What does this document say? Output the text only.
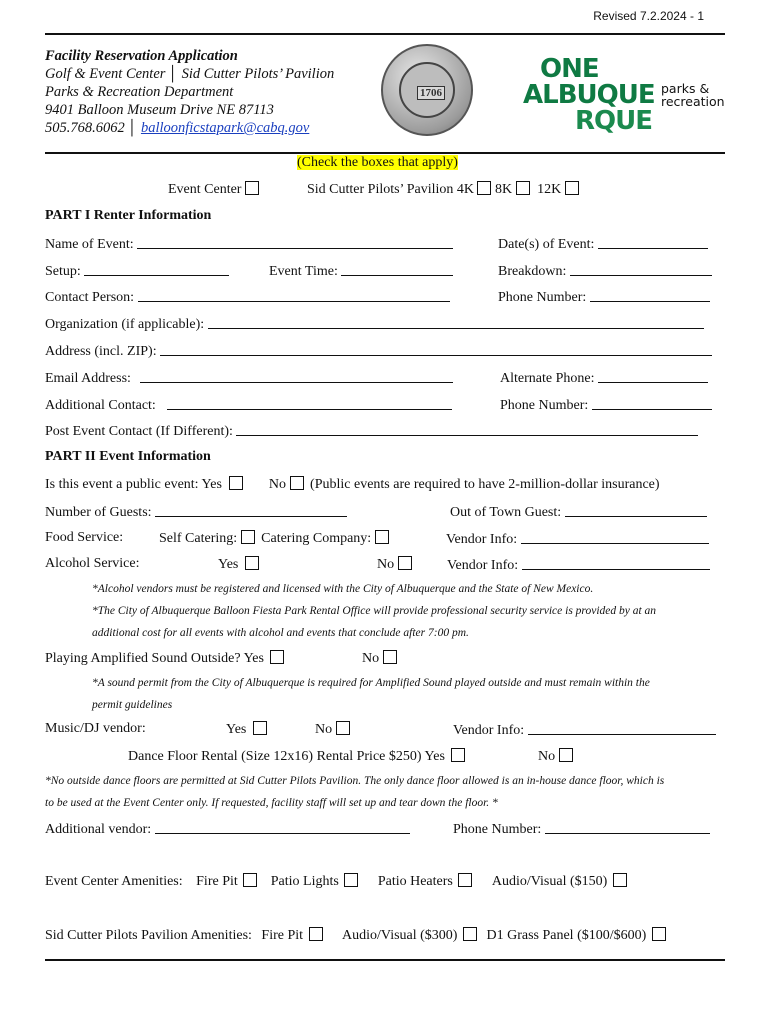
Revised 7.2.2024 - 1
Facility Reservation Application
Golf & Event Center │ Sid Cutter Pilots’ Pavilion
Parks & Recreation Department
9401 Balloon Museum Drive NE 87113
505.768.6062 │ balloonficstapark@cabq.gov
1706
ONE
ALBUQUE
RQUE
parks &
recreation
(Check the boxes that apply)
Event Center	Sid Cutter Pilots’ Pavilion 4K 8K 12K
PART I Renter Information
Name of Event:	Date(s) of Event:
Setup:	Event Time:	Breakdown:
Contact Person:	Phone Number:
Organization (if applicable):
Address (incl. ZIP):
Email Address:	Alternate Phone:
Additional Contact:	Phone Number:
Post Event Contact (If Different):
PART II Event Information
Is this event a public event: Yes	No (Public events are required to have 2-million-dollar insurance)
Number of Guests:	Out of Town Guest:
Food Service:	Self Catering: Catering Company:	Vendor Info:
Alcohol Service:	Yes	No	Vendor Info:
*Alcohol vendors must be registered and licensed with the City of Albuquerque and the State of New Mexico.
*The City of Albuquerque Balloon Fiesta Park Rental Office will provide professional security service is provided by at an
additional cost for all events with alcohol and events that conclude after 7:00 pm.
Playing Amplified Sound Outside? Yes	No
*A sound permit from the City of Albuquerque is required for Amplified Sound played outside and must remain within the
permit guidelines
Music/DJ vendor:	Yes	No	Vendor Info:
Dance Floor Rental (Size 12x16) Rental Price $250) Yes	No
*No outside dance floors are permitted at Sid Cutter Pilots Pavilion. The only dance floor allowed is an in-house dance floor, which is
to be used at the Event Center only. If requested, facility staff will set up and tear down the floor. *
Additional vendor:	Phone Number:
Event Center Amenities: Fire Pit Patio Lights	Patio Heaters	Audio/Visual ($150)
Sid Cutter Pilots Pavilion Amenities: Fire Pit	Audio/Visual ($300) D1 Grass Panel ($100/$600)
